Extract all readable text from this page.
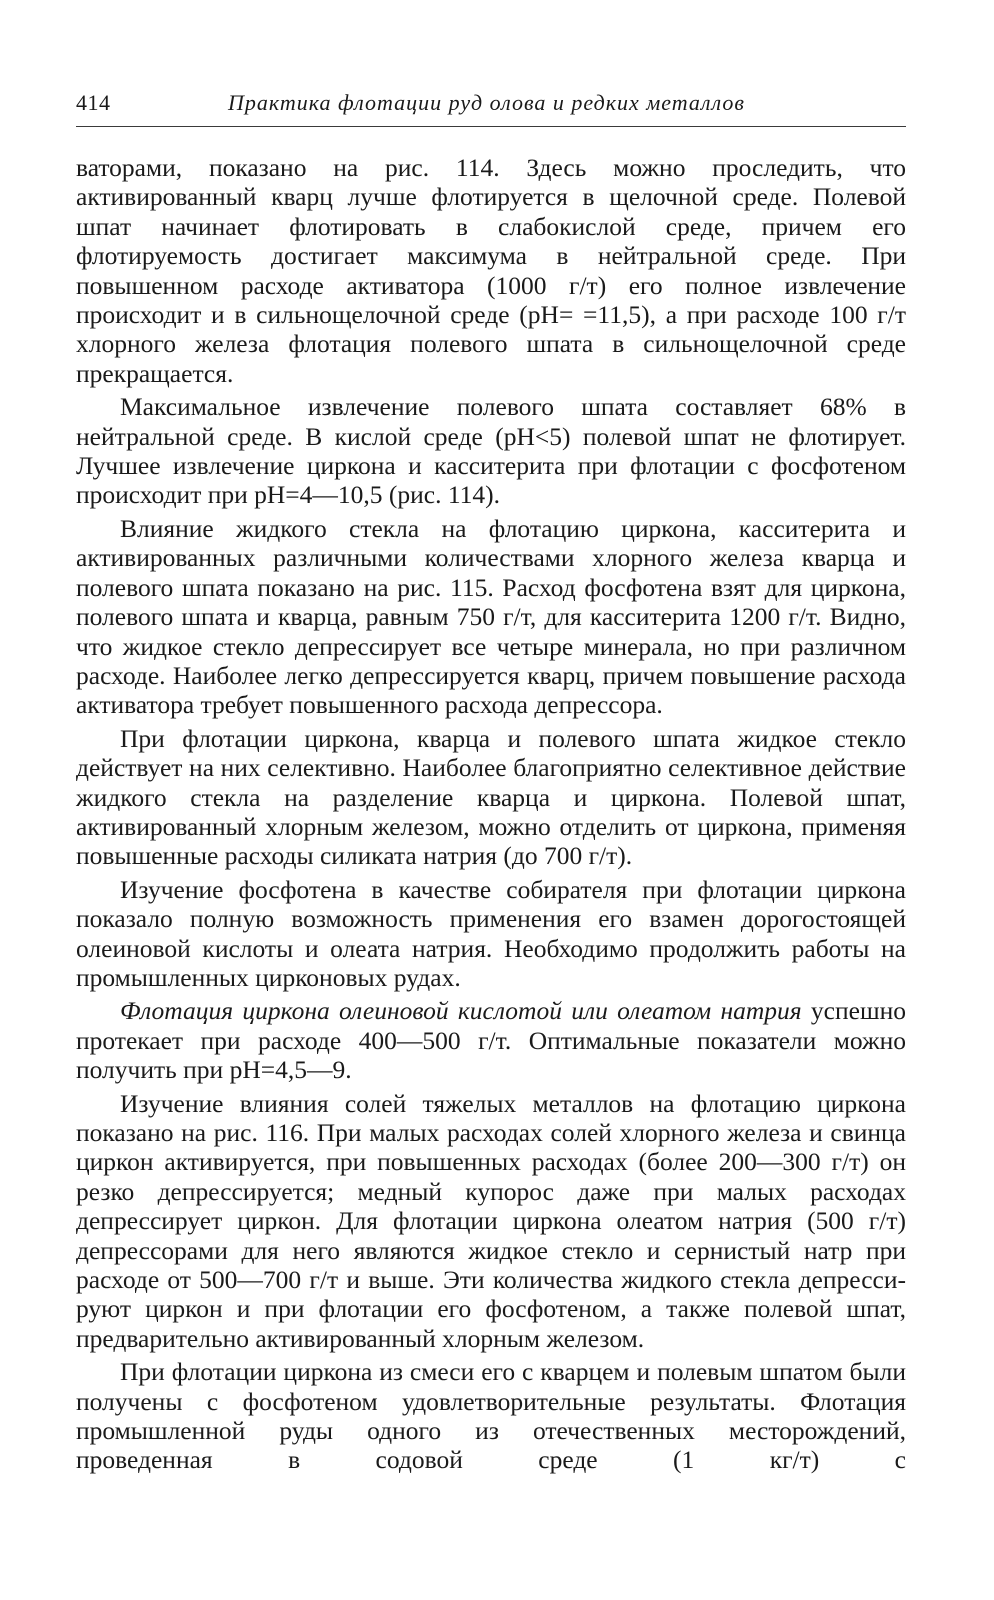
414	Практика флотации руд олова и редких металлов

ваторами, показано на рис. 114. Здесь можно проследить, что активированный кварц лучше флотируется в щелочной среде. Полевой шпат начинает флотировать в слабокислой среде, причем его флотируемость достигает максимума в нейтральной среде. При повышенном расходе активатора (1000 г/т) его полное извлечение происходит и в сильнощелочной среде (pH= =11,5), а при расходе 100 г/т хлорного железа флотация полевого шпата в сильнощелочной среде прекращается.

Максимальное извлечение полевого шпата составляет 68% в нейтральной среде. В кислой среде (pH<5) полевой шпат не флотирует. Лучшее извлечение циркона и касситерита при флотации с фосфотеном происходит при pH=4—10,5 (рис. 114).

Влияние жидкого стекла на флотацию циркона, касситерита и активированных различными количествами хлорного железа кварца и полевого шпата показано на рис. 115. Расход фосфотена взят для циркона, полевого шпата и кварца, равным 750 г/т, для касситерита 1200 г/т. Видно, что жидкое стекло депрессирует все четыре минерала, но при различном расходе. Наиболее легко депрессируется кварц, причем повышение расхода активатора требует повышенного расхода депрессора.

При флотации циркона, кварца и полевого шпата жидкое стекло действует на них селективно. Наиболее благоприятно селективное действие жидкого стекла на разделение кварца и циркона. Полевой шпат, активированный хлорным железом, можно отделить от циркона, применяя повышенные расходы силиката натрия (до 700 г/т).

Изучение фосфотена в качестве собирателя при флотации циркона показало полную возможность применения его взамен дорогостоящей олеиновой кислоты и олеата натрия. Необходимо продолжить работы на промышленных цирконовых рудах.

Флотация циркона олеиновой кислотой или олеатом натрия успешно протекает при расходе 400—500 г/т. Оптимальные показатели можно получить при pH=4,5—9.

Изучение влияния солей тяжелых металлов на флотацию циркона показано на рис. 116. При малых расходах солей хлорного железа и свинца циркон активируется, при повышенных расходах (более 200—300 г/т) он резко депрессируется; медный купорос даже при малых расходах депрессирует циркон. Для флотации циркона олеатом натрия (500 г/т) депрессорами для него являются жидкое стекло и сернистый натр при расходе от 500—700 г/т и выше. Эти количества жидкого стекла депрессируют циркон и при флотации его фосфотеном, а также полевой шпат, предварительно активированный хлорным железом.

При флотации циркона из смеси его с кварцем и полевым шпатом были получены с фосфотеном удовлетворительные результаты. Флотация промышленной руды одного из отечественных месторождений, проведенная в содовой среде (1 кг/т) с
